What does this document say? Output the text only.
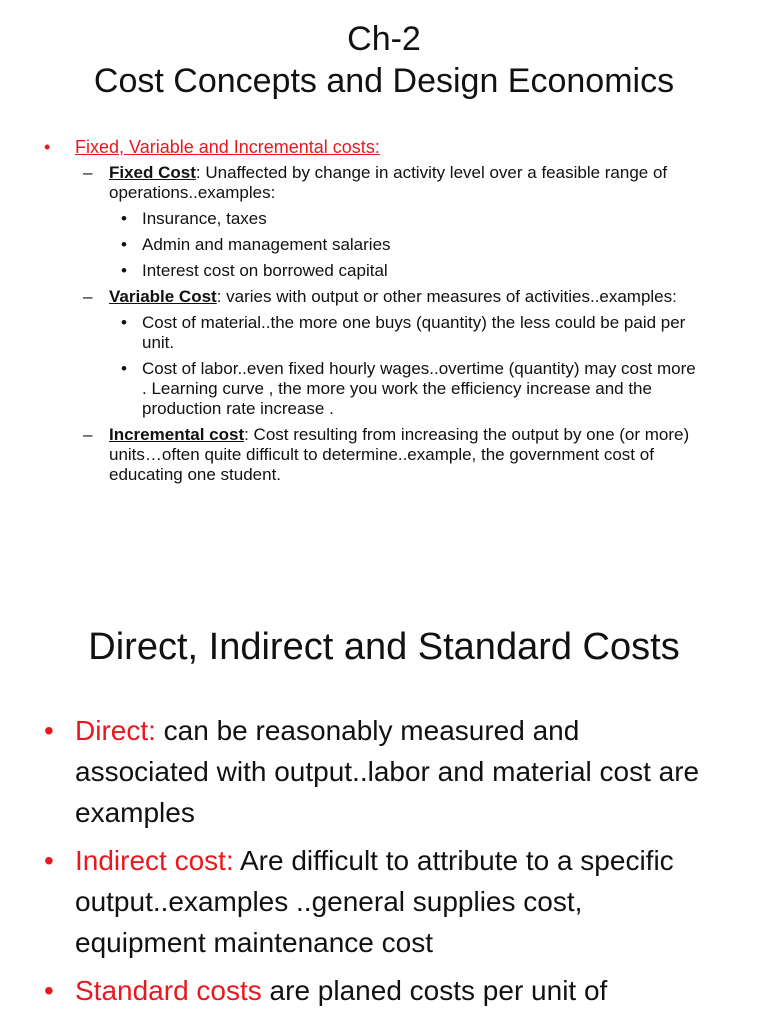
Ch-2
Cost Concepts and Design Economics
• Fixed, Variable and Incremental costs:
– Fixed Cost: Unaffected by change in activity level over a feasible range of operations..examples:
• Insurance, taxes
• Admin and management salaries
• Interest cost on borrowed capital
– Variable Cost: varies with output or other measures of activities..examples:
• Cost of material..the more one buys (quantity) the less could be paid per unit.
• Cost of labor..even fixed hourly wages..overtime (quantity) may cost more . Learning curve , the more you work the efficiency increase and the production rate increase .
– Incremental cost: Cost resulting from increasing the output by one (or more) units…often quite difficult to determine..example, the government cost of educating one student.
Direct, Indirect and Standard Costs
• Direct: can be reasonably measured and associated with output..labor and material cost are examples
• Indirect cost: Are difficult to attribute to a specific output..examples ..general supplies cost, equipment maintenance cost
• Standard costs are planed costs per unit of
